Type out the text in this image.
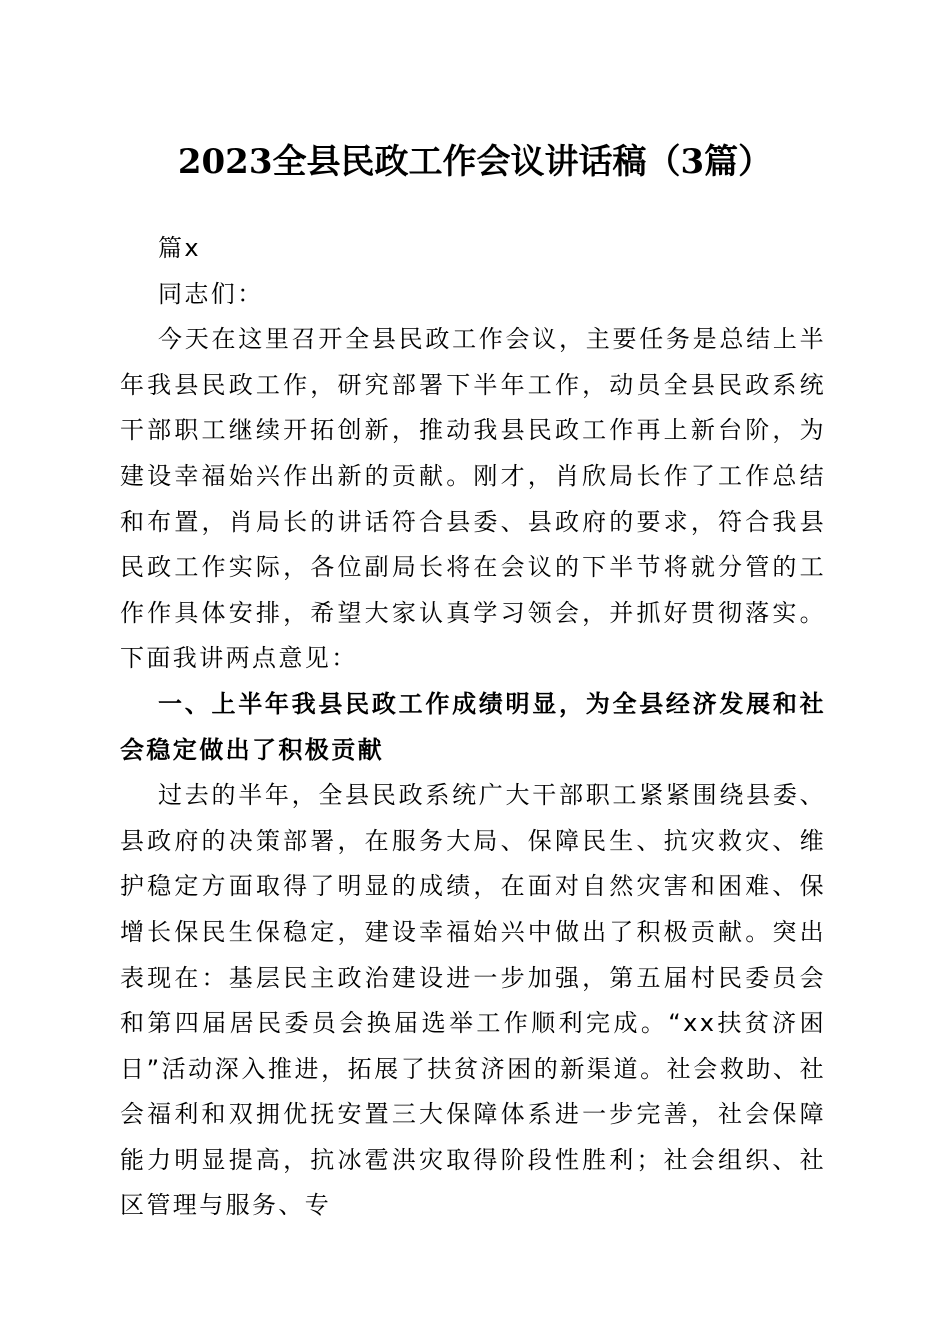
2023全县民政工作会议讲话稿（3篇）

篇x

同志们：

今天在这里召开全县民政工作会议，主要任务是总结上半年我县民政工作，研究部署下半年工作，动员全县民政系统干部职工继续开拓创新，推动我县民政工作再上新台阶，为建设幸福始兴作出新的贡献。刚才，肖欣局长作了工作总结和布置，肖局长的讲话符合县委、县政府的要求，符合我县民政工作实际，各位副局长将在会议的下半节将就分管的工作作具体安排，希望大家认真学习领会，并抓好贯彻落实。下面我讲两点意见：

一、上半年我县民政工作成绩明显，为全县经济发展和社会稳定做出了积极贡献

过去的半年，全县民政系统广大干部职工紧紧围绕县委、县政府的决策部署，在服务大局、保障民生、抗灾救灾、维护稳定方面取得了明显的成绩，在面对自然灾害和困难、保增长保民生保稳定，建设幸福始兴中做出了积极贡献。突出表现在：基层民主政治建设进一步加强，第五届村民委员会和第四届居民委员会换届选举工作顺利完成。“xx扶贫济困日”活动深入推进，拓展了扶贫济困的新渠道。社会救助、社会福利和双拥优抚安置三大保障体系进一步完善，社会保障能力明显提高，抗冰雹洪灾取得阶段性胜利；社会组织、社区管理与服务、专
